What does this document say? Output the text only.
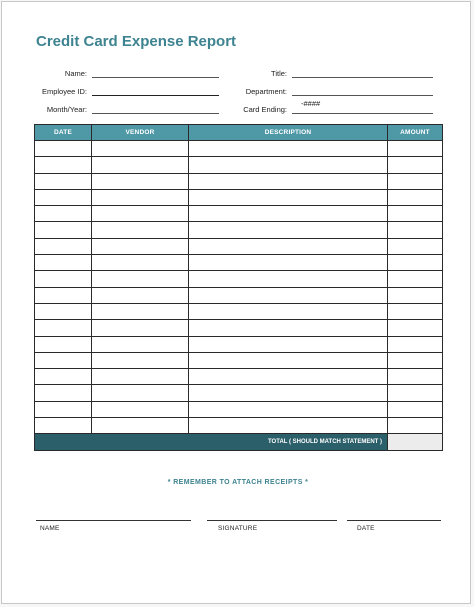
Credit Card Expense Report
Name:
Employee ID:
Month/Year:
Title:
Department:
Card Ending:
-####
DATE	VENDOR	DESCRIPTION	AMOUNT

TOTAL ( SHOULD MATCH STATEMENT )			
* REMEMBER TO ATTACH RECEIPTS *
NAME	SIGNATURE	DATE
